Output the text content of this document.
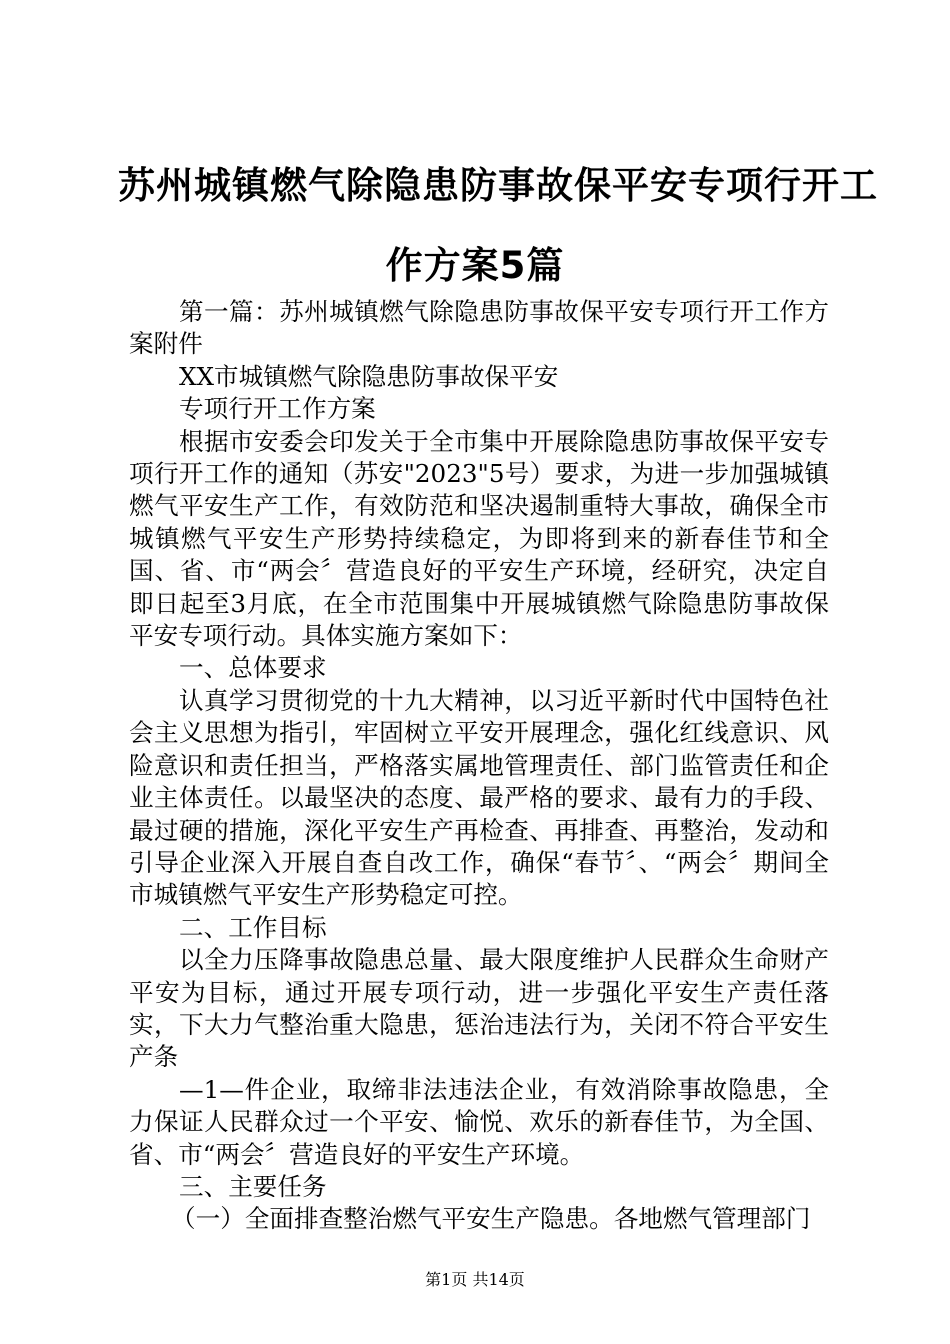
苏州城镇燃气除隐患防事故保平安专项行开工
作方案5篇

第一篇：苏州城镇燃气除隐患防事故保平安专项行开工作方案附件

XX市城镇燃气除隐患防事故保平安

专项行开工作方案

根据市安委会印发关于全市集中开展除隐患防事故保平安专项行开工作的通知（苏安"2023"5号）要求，为进一步加强城镇燃气平安生产工作，有效防范和坚决遏制重特大事故，确保全市城镇燃气平安生产形势持续稳定，为即将到来的新春佳节和全国、省、市“两会〞营造良好的平安生产环境，经研究，决定自即日起至3月底，在全市范围集中开展城镇燃气除隐患防事故保平安专项行动。具体实施方案如下：

一、总体要求

认真学习贯彻党的十九大精神，以习近平新时代中国特色社会主义思想为指引，牢固树立平安开展理念，强化红线意识、风险意识和责任担当，严格落实属地管理责任、部门监管责任和企业主体责任。以最坚决的态度、最严格的要求、最有力的手段、最过硬的措施，深化平安生产再检查、再排查、再整治，发动和引导企业深入开展自查自改工作，确保“春节〞、“两会〞期间全市城镇燃气平安生产形势稳定可控。

二、工作目标

以全力压降事故隐患总量、最大限度维护人民群众生命财产平安为目标，通过开展专项行动，进一步强化平安生产责任落实，下大力气整治重大隐患，惩治违法行为，关闭不符合平安生产条

—1—件企业，取缔非法违法企业，有效消除事故隐患，全力保证人民群众过一个平安、愉悦、欢乐的新春佳节，为全国、省、市“两会〞营造良好的平安生产环境。

三、主要任务

（一）全面排查整治燃气平安生产隐患。各地燃气管理部门

第1页 共14页
